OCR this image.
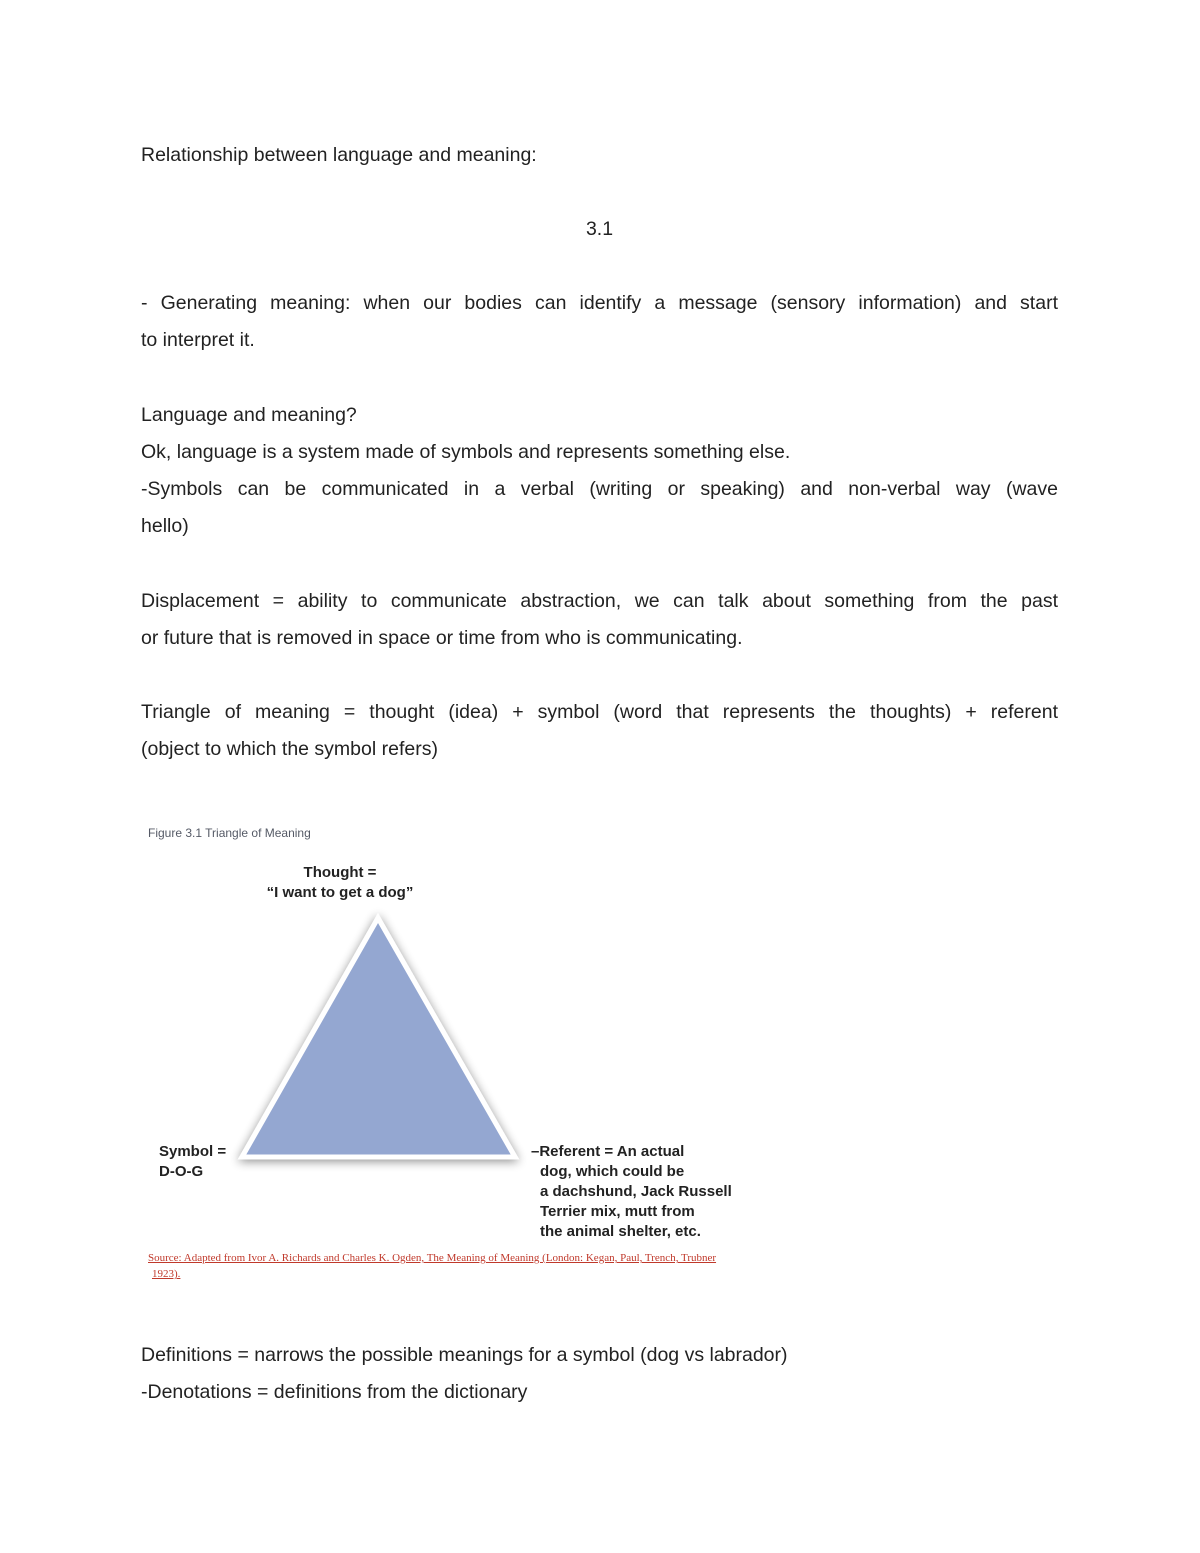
Relationship between language and meaning:

3.1

- Generating meaning: when our bodies can identify a message (sensory information) and start
to interpret it.
Language and meaning?
Ok, language is a system made of symbols and represents something else.
-Symbols can be communicated in a verbal (writing or speaking) and non-verbal way (wave
hello)
Displacement = ability to communicate abstraction, we can talk about something from the past
or future that is removed in space or time from who is communicating.
Triangle of meaning = thought (idea) + symbol (word that represents the thoughts) + referent
(object to which the symbol refers)
Figure 3.1 Triangle of Meaning
Thought =
“I want to get a dog”
Symbol =
D-O-G
–Referent = An actual
dog, which could be
a dachshund, Jack Russell
Terrier mix, mutt from
the animal shelter, etc.
Source: Adapted from Ivor A. Richards and Charles K. Ogden, The Meaning of Meaning (London: Kegan, Paul, Trench, Trubner
1923).
Definitions = narrows the possible meanings for a symbol (dog vs labrador)
-Denotations = definitions from the dictionary
